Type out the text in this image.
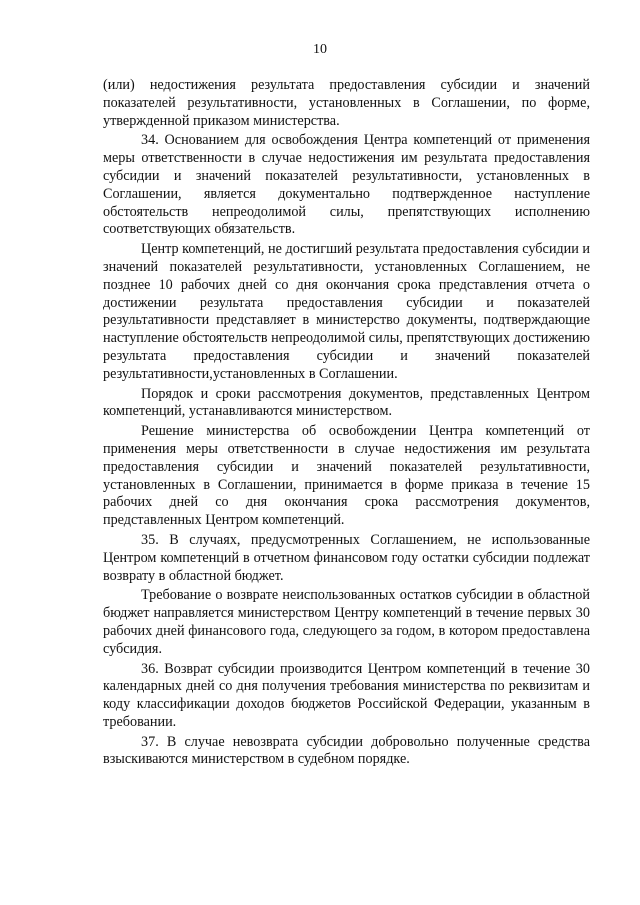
10

(или) недостижения результата предоставления субсидии и значений показателей результативности, установленных в Соглашении, по форме, утвержденной приказом министерства.

34. Основанием для освобождения Центра компетенций от применения меры ответственности в случае недостижения им результата предоставления субсидии и значений показателей результативности, установленных в Соглашении, является документально подтвержденное наступление обстоятельств непреодолимой силы, препятствующих исполнению соответствующих обязательств.

Центр компетенций, не достигший результата предоставления субсидии и значений показателей результативности, установленных Соглашением, не позднее 10 рабочих дней со дня окончания срока представления отчета о достижении результата предоставления субсидии и показателей результативности представляет в министерство документы, подтверждающие наступление обстоятельств непреодолимой силы, препятствующих достижению результата предоставления субсидии и значений показателей результативности,установленных в Соглашении.

Порядок и сроки рассмотрения документов, представленных Центром компетенций, устанавливаются министерством.

Решение министерства об освобождении Центра компетенций от применения меры ответственности в случае недостижения им результата предоставления субсидии и значений показателей результативности, установленных в Соглашении, принимается в форме приказа в течение 15 рабочих дней со дня окончания срока рассмотрения документов, представленных Центром компетенций.

35. В случаях, предусмотренных Соглашением, не использованные Центром компетенций в отчетном финансовом году остатки субсидии подлежат возврату в областной бюджет.

Требование о возврате неиспользованных остатков субсидии в областной бюджет направляется министерством Центру компетенций в течение первых 30 рабочих дней финансового года, следующего за годом, в котором предоставлена субсидия.

36. Возврат субсидии производится Центром компетенций в течение 30 календарных дней со дня получения требования министерства по реквизитам и коду классификации доходов бюджетов Российской Федерации, указанным в требовании.

37. В случае невозврата субсидии добровольно полученные средства взыскиваются министерством в судебном порядке.
